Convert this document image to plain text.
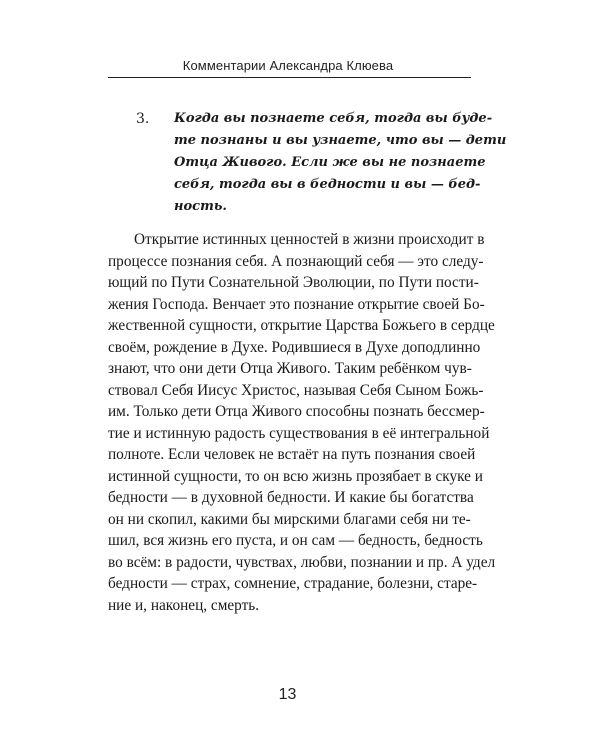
Комментарии Александра Клюева
3. Когда вы познаете себя, тогда вы буде-
те познаны и вы узнаете, что вы — дети
Отца Живого. Если же вы не познаете
себя, тогда вы в бедности и вы — бед-
ность.
Открытие истинных ценностей в жизни происходит в
процессе познания себя. А познающий себя — это следу-
ющий по Пути Сознательной Эволюции, по Пути пости-
жения Господа. Венчает это познание открытие своей Бо-
жественной сущности, открытие Царства Божьего в сердце
своём, рождение в Духе. Родившиеся в Духе доподлинно
знают, что они дети Отца Живого. Таким ребёнком чув-
ствовал Себя Иисус Христос, называя Себя Сыном Божь-
им. Только дети Отца Живого способны познать бессмер-
тие и истинную радость существования в её интегральной
полноте. Если человек не встаёт на путь познания своей
истинной сущности, то он всю жизнь прозябает в скуке и
бедности — в духовной бедности. И какие бы богатства
он ни скопил, какими бы мирскими благами себя ни те-
шил, вся жизнь его пуста, и он сам — бедность, бедность
во всём: в радости, чувствах, любви, познании и пр. А удел
бедности — страх, сомнение, страдание, болезни, старе-
ние и, наконец, смерть.
13
